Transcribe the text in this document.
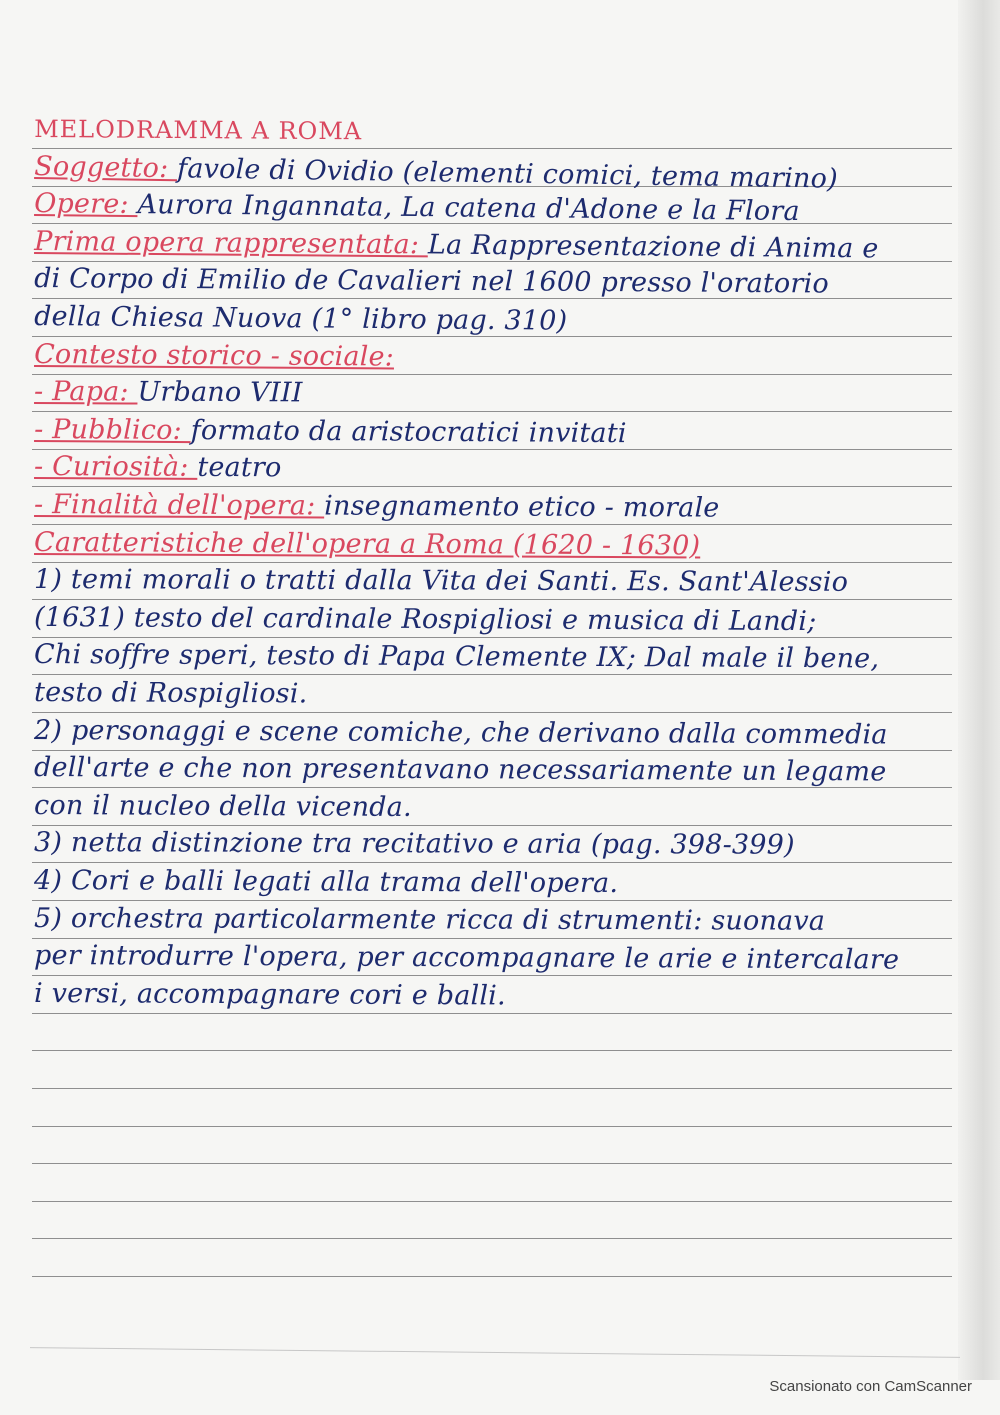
MELODRAMMA A ROMA
Soggetto: favole di Ovidio (elementi comici, tema marino)
Opere: Aurora Ingannata, La catena d'Adone e la Flora
Prima opera rappresentata: La Rappresentazione di Anima e
di Corpo di Emilio de Cavalieri nel 1600 presso l'oratorio
della Chiesa Nuova (1° libro pag. 310)
Contesto storico - sociale:
- Papa: Urbano VIII
- Pubblico: formato da aristocratici invitati
- Curiosità: teatro
- Finalità dell'opera: insegnamento etico - morale
Caratteristiche dell'opera a Roma (1620 - 1630)
1) temi morali o tratti dalla Vita dei Santi. Es. Sant'Alessio
(1631) testo del cardinale Rospigliosi e musica di Landi;
Chi soffre speri, testo di Papa Clemente IX; Dal male il bene,
testo di Rospigliosi.
2) personaggi e scene comiche, che derivano dalla commedia
dell'arte e che non presentavano necessariamente un legame
con il nucleo della vicenda.
3) netta distinzione tra recitativo e aria (pag. 398-399)
4) Cori e balli legati alla trama dell'opera.
5) orchestra particolarmente ricca di strumenti: suonava
per introdurre l'opera, per accompagnare le arie e intercalare
i versi, accompagnare cori e balli.
Scansionato con CamScanner
